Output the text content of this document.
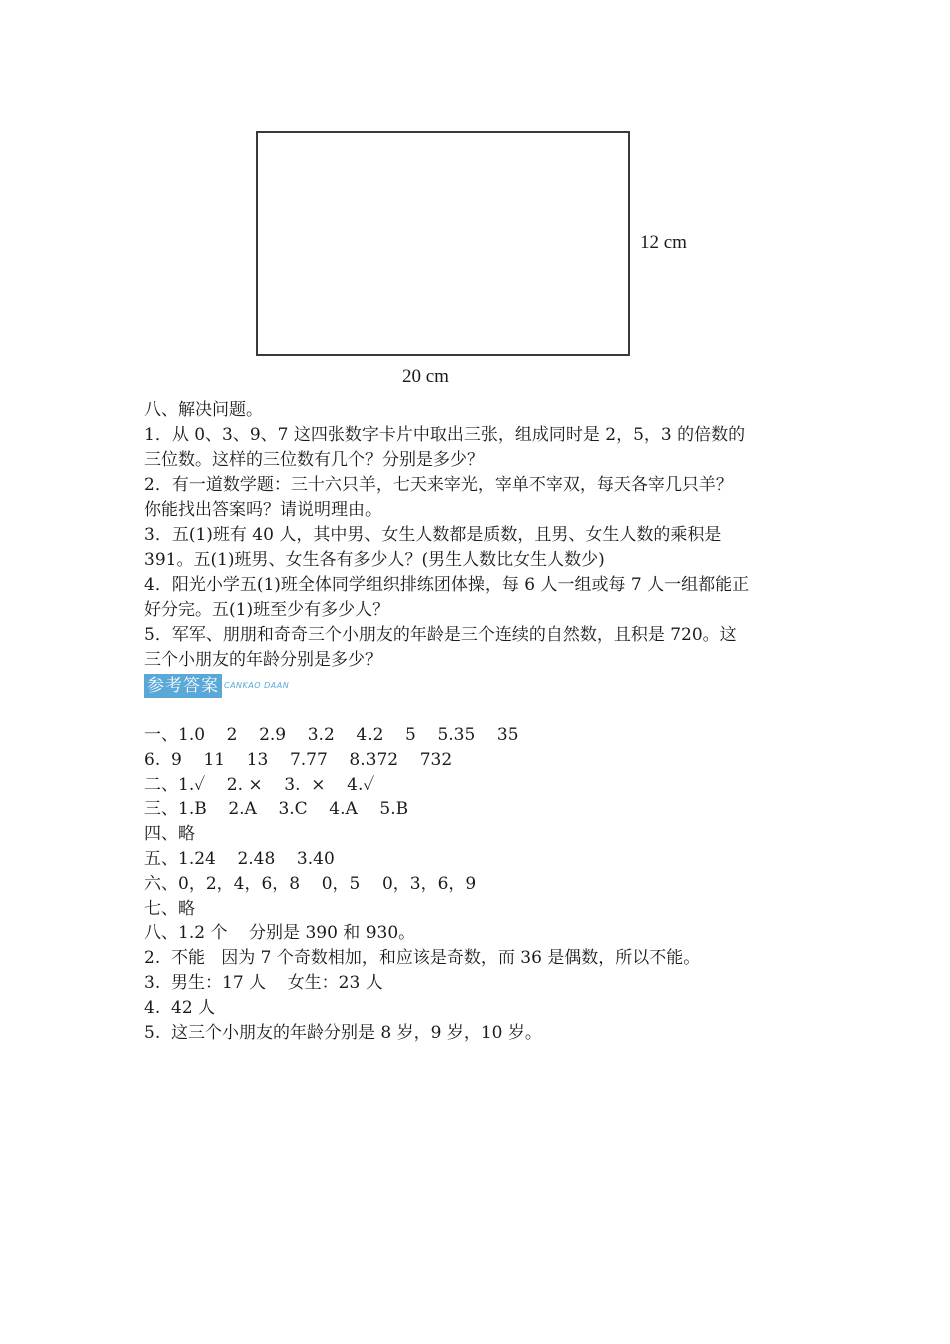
12 cm
20 cm

八、解决问题。

1．从 0、3、9、7 这四张数字卡片中取出三张，组成同时是 2，5，3 的倍数的

三位数。这样的三位数有几个？分别是多少？

2．有一道数学题：三十六只羊，七天来宰光，宰单不宰双，每天各宰几只羊？

你能找出答案吗？请说明理由。

3．五(1)班有 40 人，其中男、女生人数都是质数，且男、女生人数的乘积是

391。五(1)班男、女生各有多少人？(男生人数比女生人数少)

4．阳光小学五(1)班全体同学组织排练团体操，每 6 人一组或每 7 人一组都能正

好分完。五(1)班至少有多少人？

5．军军、朋朋和奇奇三个小朋友的年龄是三个连续的自然数，且积是 720。这

三个小朋友的年龄分别是多少？

参考答案 CANKAO DAAN

一、1.0    2    2.9    3.2    4.2    5    5.35    35

6.  9    11    13    7.77    8.372    732

二、1.✓    2. ×    3.  ×    4.✓

三、1.B    2.A    3.C    4.A    5.B

四、略

五、1.24    2.48    3.40

六、0，2，4，6，8    0，5    0，3，6，9

七、略

八、1.2 个    分别是 390 和 930。

2.  不能   因为 7 个奇数相加，和应该是奇数，而 36 是偶数，所以不能。

3.  男生：17 人    女生：23 人

4.  42 人

5.  这三个小朋友的年龄分别是 8 岁，9 岁，10 岁。
